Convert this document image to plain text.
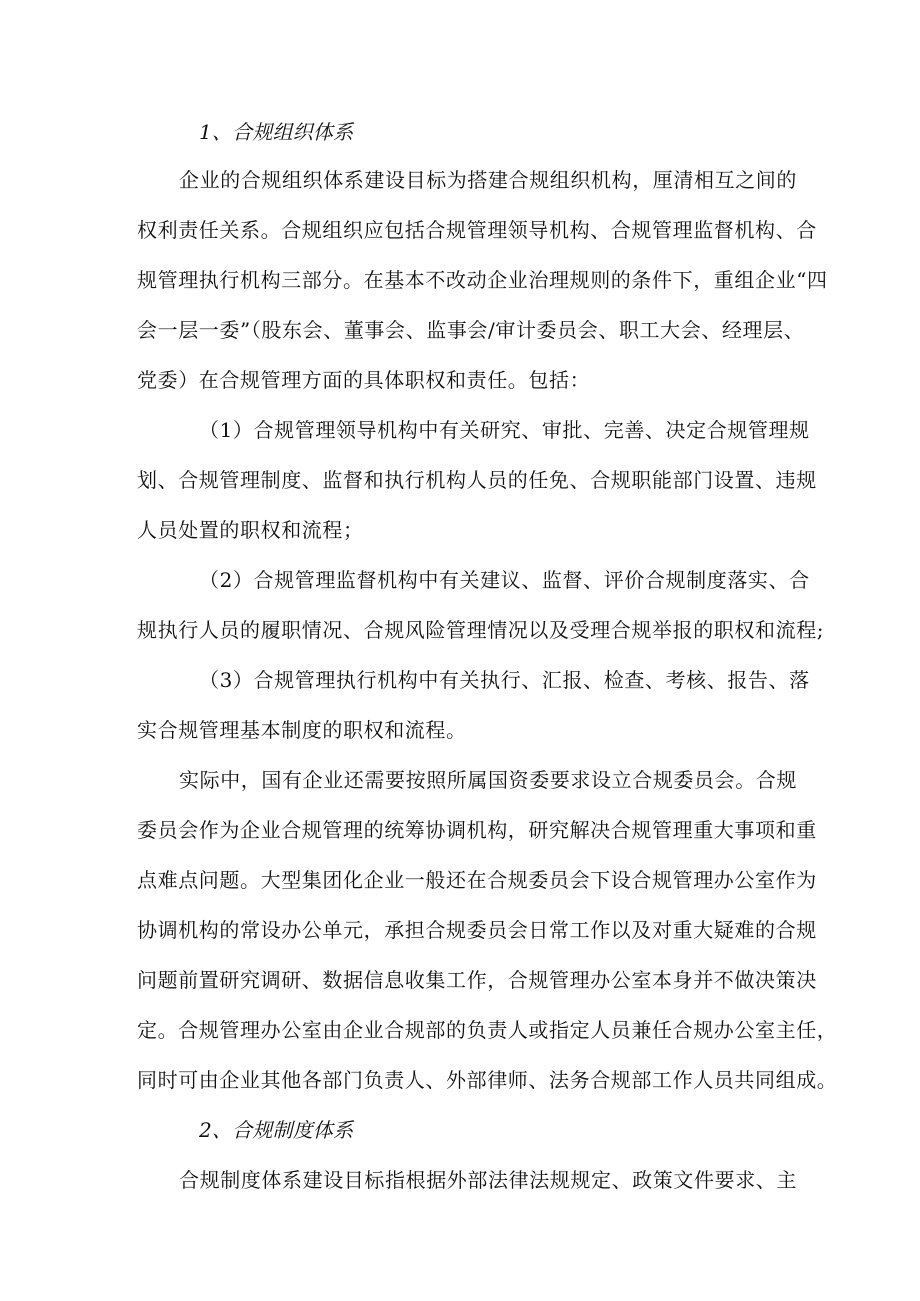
1、合规组织体系
企业的合规组织体系建设目标为搭建合规组织机构，厘清相互之间的
权利责任关系。合规组织应包括合规管理领导机构、合规管理监督机构、合
规管理执行机构三部分。在基本不改动企业治理规则的条件下，重组企业“四
会一层一委”（股东会、董事会、监事会/审计委员会、职工大会、经理层、
党委）在合规管理方面的具体职权和责任。包括：
（1）合规管理领导机构中有关研究、审批、完善、决定合规管理规
划、合规管理制度、监督和执行机构人员的任免、合规职能部门设置、违规
人员处置的职权和流程；
（2）合规管理监督机构中有关建议、监督、评价合规制度落实、合
规执行人员的履职情况、合规风险管理情况以及受理合规举报的职权和流程;
（3）合规管理执行机构中有关执行、汇报、检查、考核、报告、落
实合规管理基本制度的职权和流程。
实际中，国有企业还需要按照所属国资委要求设立合规委员会。合规
委员会作为企业合规管理的统筹协调机构，研究解决合规管理重大事项和重
点难点问题。大型集团化企业一般还在合规委员会下设合规管理办公室作为
协调机构的常设办公单元，承担合规委员会日常工作以及对重大疑难的合规
问题前置研究调研、数据信息收集工作，合规管理办公室本身并不做决策决
定。合规管理办公室由企业合规部的负责人或指定人员兼任合规办公室主任，
同时可由企业其他各部门负责人、外部律师、法务合规部工作人员共同组成。
2、合规制度体系
合规制度体系建设目标指根据外部法律法规规定、政策文件要求、主
